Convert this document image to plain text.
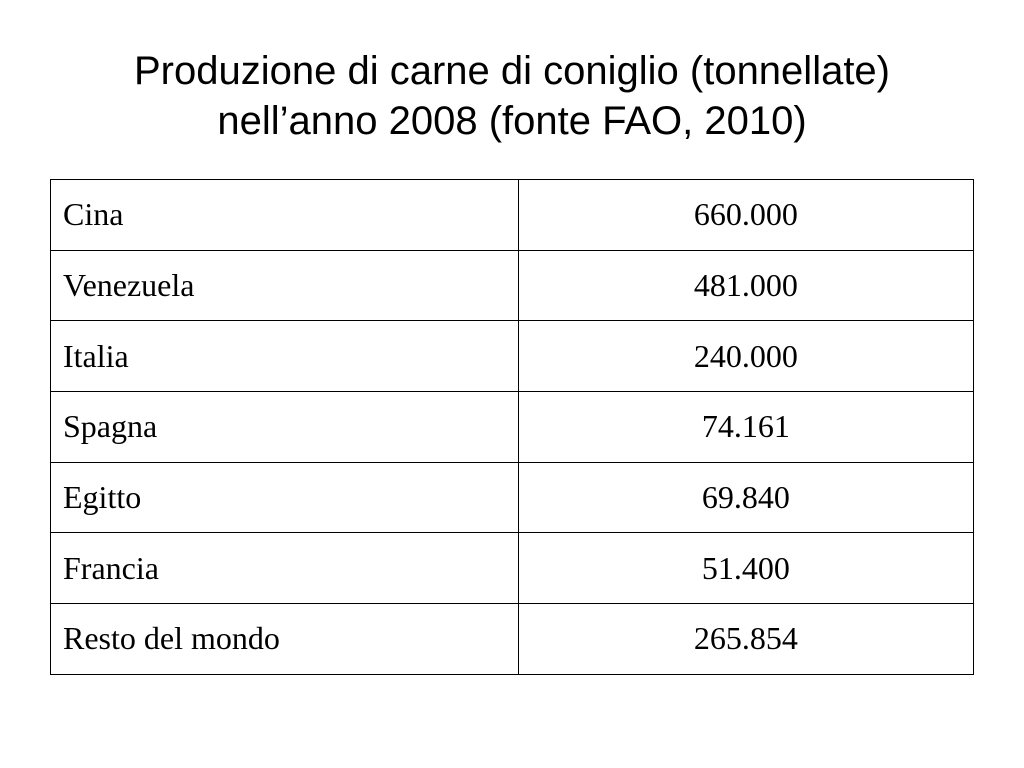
Produzione di carne di coniglio (tonnellate)
nell’anno 2008 (fonte FAO, 2010)
Cina	660.000
Venezuela	481.000
Italia	240.000
Spagna	74.161
Egitto	69.840
Francia	51.400
Resto del mondo	265.854
